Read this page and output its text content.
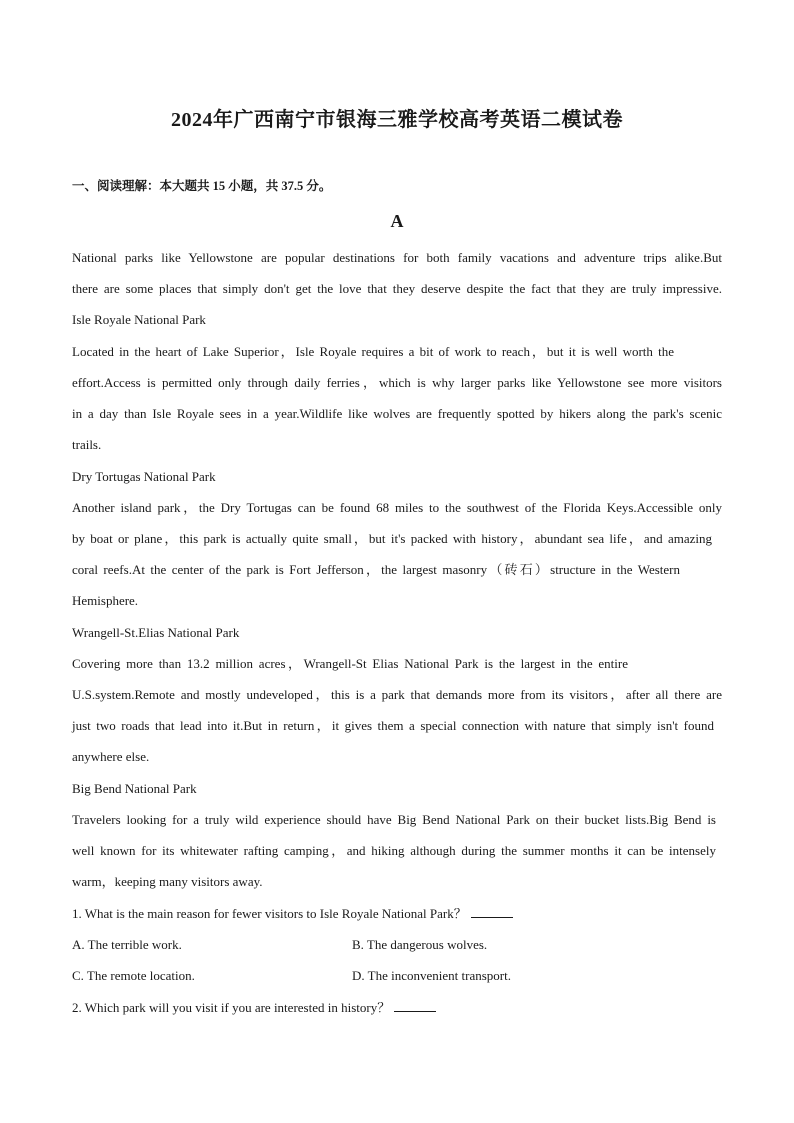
2024年广西南宁市银海三雅学校高考英语二模试卷
一、阅读理解：本大题共 15 小题，共 37.5 分。
A
National parks like Yellowstone are popular destinations for both family vacations and adventure trips alike.But
there are some places that simply don't get the love that they deserve despite the fact that they are truly impressive.
Isle Royale National Park
Located in the heart of Lake Superior，Isle Royale requires a bit of work to reach，but it is well worth the
effort.Access is permitted only through daily ferries，which is why larger parks like Yellowstone see more visitors
in a day than Isle Royale sees in a year.Wildlife like wolves are frequently spotted by hikers along the park's scenic
trails.
Dry Tortugas National Park
Another island park，the Dry Tortugas can be found 68 miles to the southwest of the Florida Keys.Accessible only
by boat or plane，this park is actually quite small，but it's packed with history，abundant sea life，and amazing
coral reefs.At the center of the park is Fort Jefferson，the largest masonry（砖石）structure in the Western
Hemisphere.
Wrangell-St.Elias National Park
Covering more than 13.2 million acres，Wrangell-St Elias National Park is the largest in the entire
U.S.system.Remote and mostly undeveloped，this is a park that demands more from its visitors，after all there are
just two roads that lead into it.But in return，it gives them a special connection with nature that simply isn't found
anywhere else.
Big Bend National Park
Travelers looking for a truly wild experience should have Big Bend National Park on their bucket lists.Big Bend is
well known for its whitewater rafting camping，and hiking although during the summer months it can be intensely
warm，keeping many visitors away.
1. What is the main reason for fewer visitors to Isle Royale National Park？
A. The terrible work.	B. The dangerous wolves.
C. The remote location.	D. The inconvenient transport.
2. Which park will you visit if you are interested in history？
